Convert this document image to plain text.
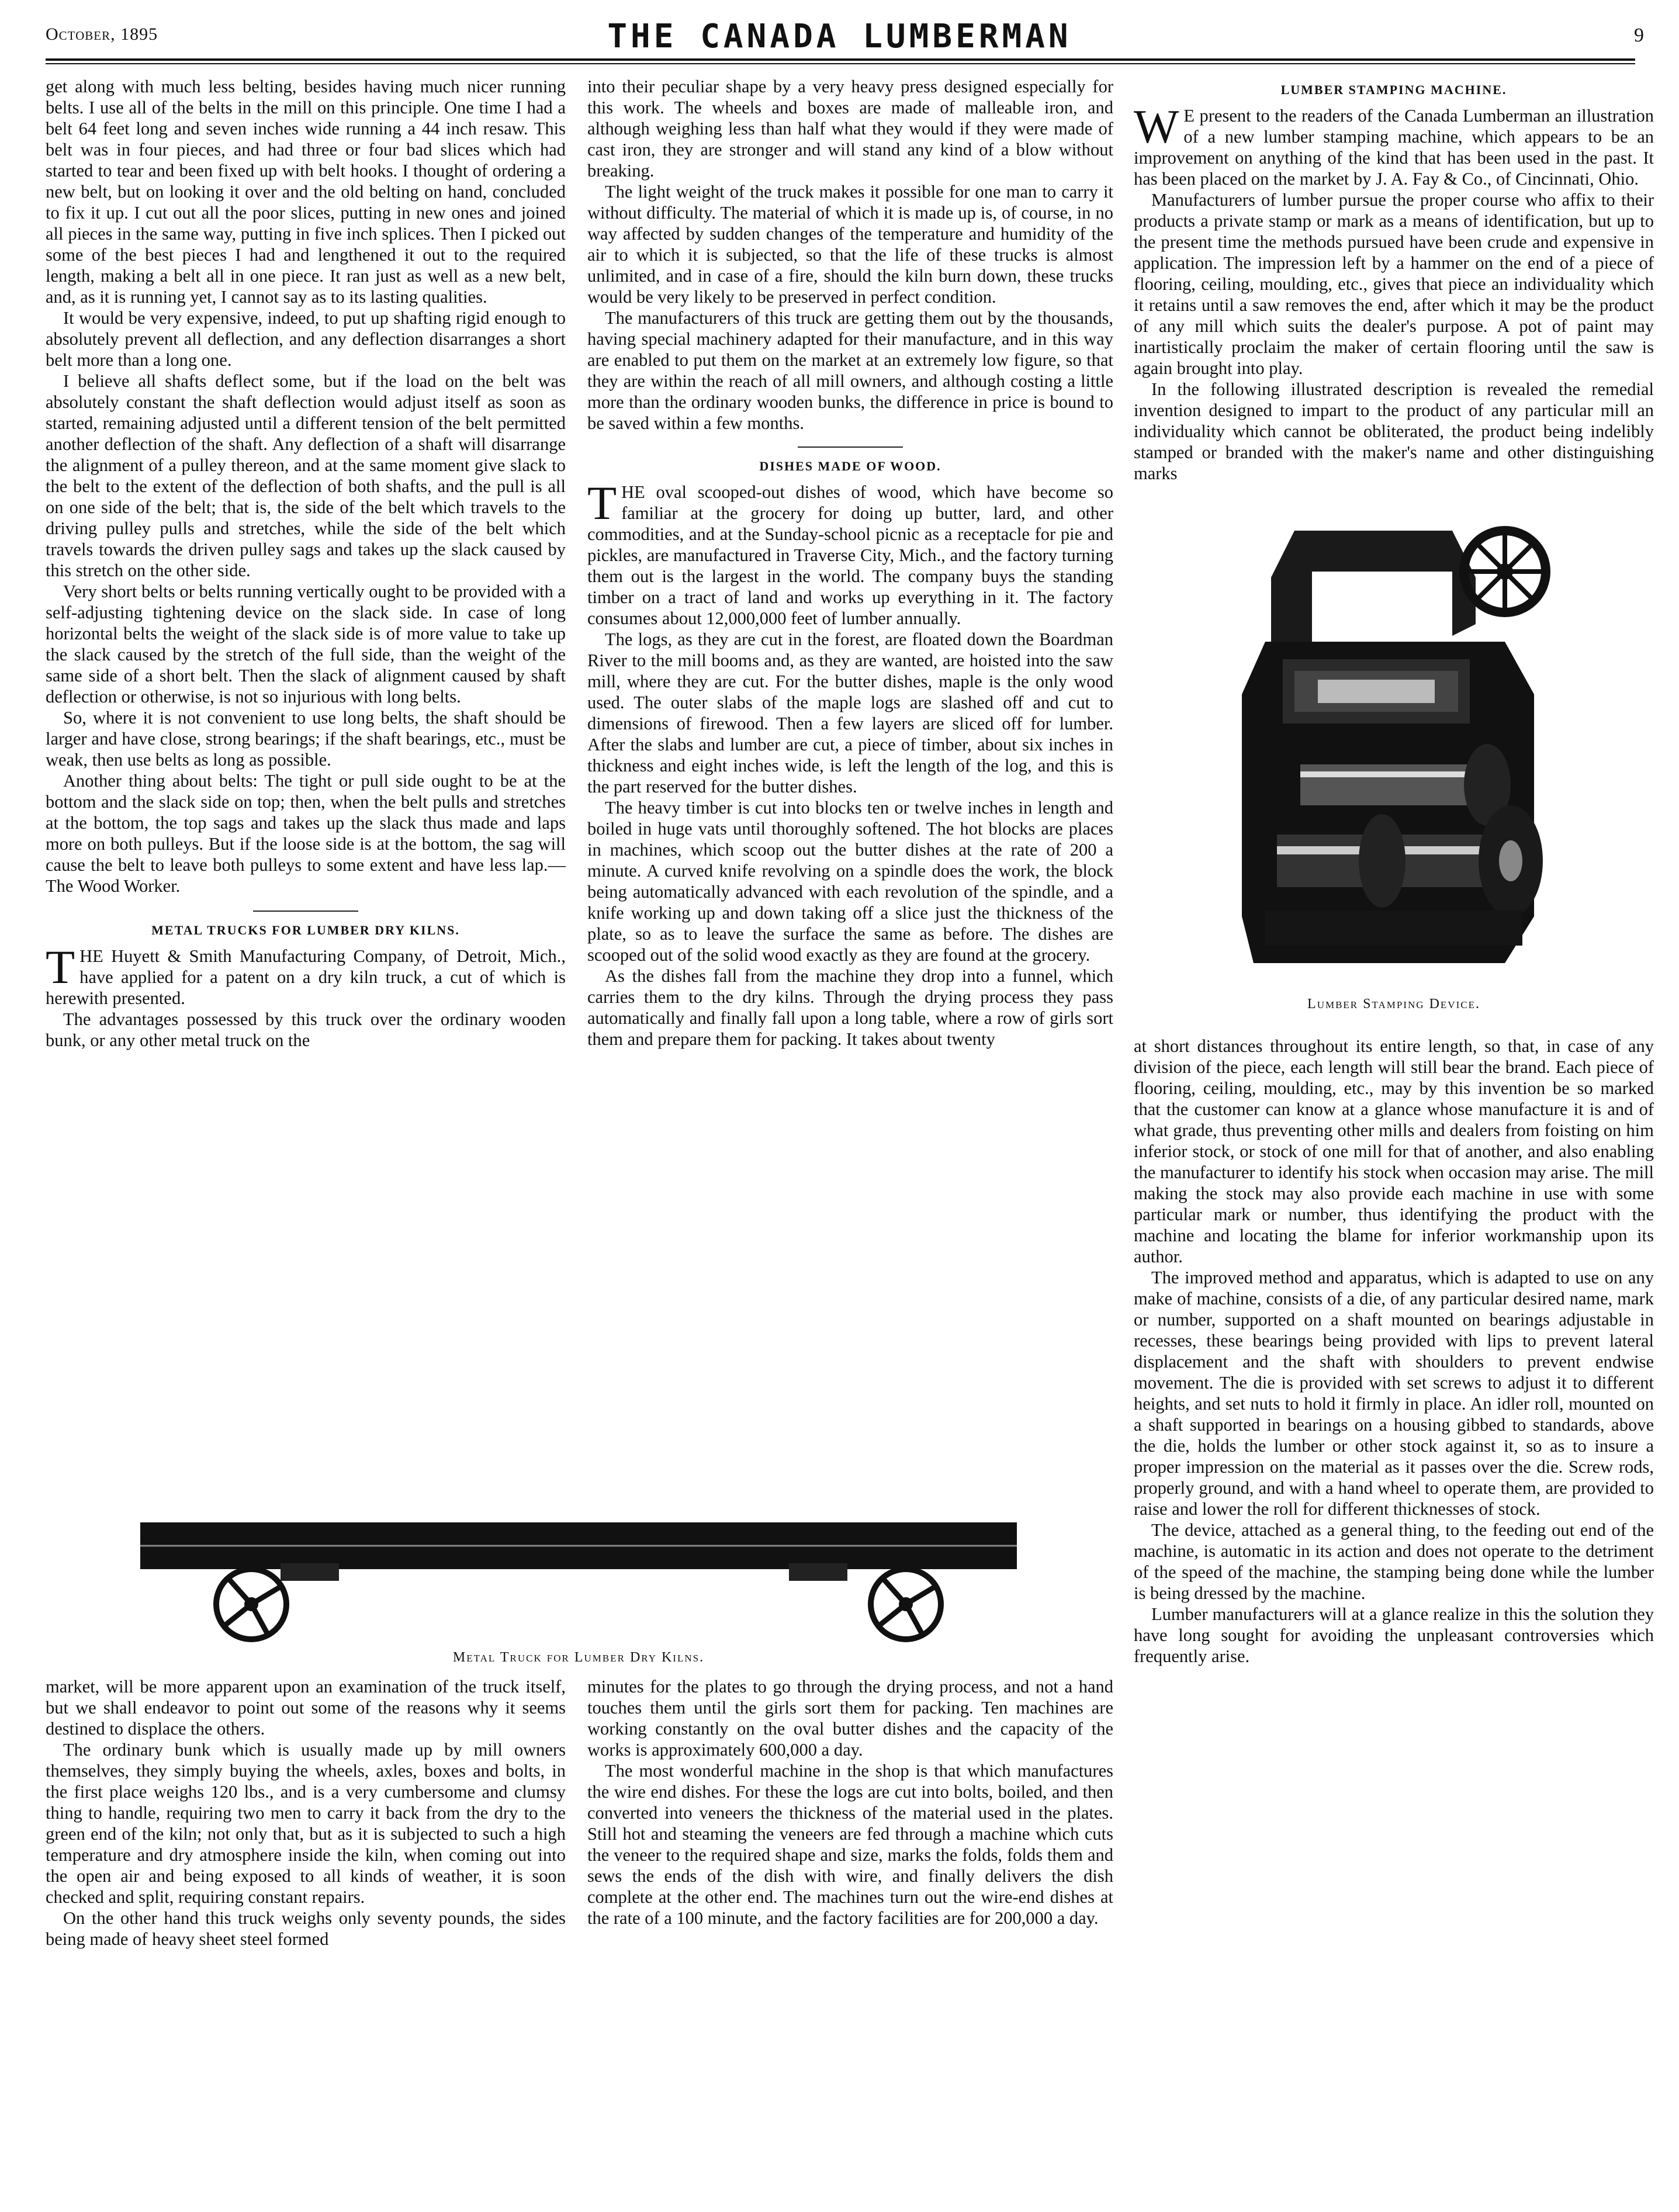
October, 1895	THE CANADA LUMBERMAN	9

get along with much less belting, besides having much nicer running belts. I use all of the belts in the mill on this principle. One time I had a belt 64 feet long and seven inches wide running a 44 inch resaw. This belt was in four pieces, and had three or four bad slices which had started to tear and been fixed up with belt hooks. I thought of ordering a new belt, but on looking it over and the old belting on hand, concluded to fix it up. I cut out all the poor slices, putting in new ones and joined all pieces in the same way, putting in five inch splices. Then I picked out some of the best pieces I had and lengthened it out to the required length, making a belt all in one piece. It ran just as well as a new belt, and, as it is running yet, I cannot say as to its lasting qualities.

It would be very expensive, indeed, to put up shafting rigid enough to absolutely prevent all deflection, and any deflection disarranges a short belt more than a long one.

I believe all shafts deflect some, but if the load on the belt was absolutely constant the shaft deflection would adjust itself as soon as started, remaining adjusted until a different tension of the belt permitted another deflection of the shaft. Any deflection of a shaft will disarrange the alignment of a pulley thereon, and at the same moment give slack to the belt to the extent of the deflection of both shafts, and the pull is all on one side of the belt; that is, the side of the belt which travels to the driving pulley pulls and stretches, while the side of the belt which travels towards the driven pulley sags and takes up the slack caused by this stretch on the other side.

Very short belts or belts running vertically ought to be provided with a self-adjusting tightening device on the slack side. In case of long horizontal belts the weight of the slack side is of more value to take up the slack caused by the stretch of the full side, than the weight of the same side of a short belt. Then the slack of alignment caused by shaft deflection or otherwise, is not so injurious with long belts.

So, where it is not convenient to use long belts, the shaft should be larger and have close, strong bearings; if the shaft bearings, etc., must be weak, then use belts as long as possible.

Another thing about belts: The tight or pull side ought to be at the bottom and the slack side on top; then, when the belt pulls and stretches at the bottom, the top sags and takes up the slack thus made and laps more on both pulleys. But if the loose side is at the bottom, the sag will cause the belt to leave both pulleys to some extent and have less lap.—The Wood Worker.

METAL TRUCKS FOR LUMBER DRY KILNS.

THE Huyett & Smith Manufacturing Company, of Detroit, Mich., have applied for a patent on a dry kiln truck, a cut of which is herewith presented.

The advantages possessed by this truck over the ordinary wooden bunk, or any other metal truck on the

into their peculiar shape by a very heavy press designed especially for this work. The wheels and boxes are made of malleable iron, and although weighing less than half what they would if they were made of cast iron, they are stronger and will stand any kind of a blow without breaking.

The light weight of the truck makes it possible for one man to carry it without difficulty. The material of which it is made up is, of course, in no way affected by sudden changes of the temperature and humidity of the air to which it is subjected, so that the life of these trucks is almost unlimited, and in case of a fire, should the kiln burn down, these trucks would be very likely to be preserved in perfect condition.

The manufacturers of this truck are getting them out by the thousands, having special machinery adapted for their manufacture, and in this way are enabled to put them on the market at an extremely low figure, so that they are within the reach of all mill owners, and although costing a little more than the ordinary wooden bunks, the difference in price is bound to be saved within a few months.

DISHES MADE OF WOOD.

THE oval scooped-out dishes of wood, which have become so familiar at the grocery for doing up butter, lard, and other commodities, and at the Sunday-school picnic as a receptacle for pie and pickles, are manufactured in Traverse City, Mich., and the factory turning them out is the largest in the world. The company buys the standing timber on a tract of land and works up everything in it. The factory consumes about 12,000,000 feet of lumber annually.

The logs, as they are cut in the forest, are floated down the Boardman River to the mill booms and, as they are wanted, are hoisted into the saw mill, where they are cut. For the butter dishes, maple is the only wood used. The outer slabs of the maple logs are slashed off and cut to dimensions of firewood. Then a few layers are sliced off for lumber. After the slabs and lumber are cut, a piece of timber, about six inches in thickness and eight inches wide, is left the length of the log, and this is the part reserved for the butter dishes.

The heavy timber is cut into blocks ten or twelve inches in length and boiled in huge vats until thoroughly softened. The hot blocks are places in machines, which scoop out the butter dishes at the rate of 200 a minute. A curved knife revolving on a spindle does the work, the block being automatically advanced with each revolution of the spindle, and a knife working up and down taking off a slice just the thickness of the plate, so as to leave the surface the same as before. The dishes are scooped out of the solid wood exactly as they are found at the grocery.

As the dishes fall from the machine they drop into a funnel, which carries them to the dry kilns. Through the drying process they pass automatically and finally fall upon a long table, where a row of girls sort them and prepare them for packing. It takes about twenty

LUMBER STAMPING MACHINE.

W E present to the readers of the Canada Lumberman an illustration of a new lumber stamping machine, which appears to be an improvement on anything of the kind that has been used in the past. It has been placed on the market by J. A. Fay & Co., of Cincinnati, Ohio.

Manufacturers of lumber pursue the proper course who affix to their products a private stamp or mark as a means of identification, but up to the present time the methods pursued have been crude and expensive in application. The impression left by a hammer on the end of a piece of flooring, ceiling, moulding, etc., gives that piece an individuality which it retains until a saw removes the end, after which it may be the product of any mill which suits the dealer's purpose. A pot of paint may inartistically proclaim the maker of certain flooring until the saw is again brought into play.

In the following illustrated description is revealed the remedial invention designed to impart to the product of any particular mill an individuality which cannot be obliterated, the product being indelibly stamped or branded with the maker's name and other distinguishing marks

Lumber Stamping Device.

at short distances throughout its entire length, so that, in case of any division of the piece, each length will still bear the brand. Each piece of flooring, ceiling, moulding, etc., may by this invention be so marked that the customer can know at a glance whose manufacture it is and of what grade, thus preventing other mills and dealers from foisting on him inferior stock, or stock of one mill for that of another, and also enabling the manufacturer to identify his stock when occasion may arise. The mill making the stock may also provide each machine in use with some particular mark or number, thus identifying the product with the machine and locating the blame for inferior workmanship upon its author.

The improved method and apparatus, which is adapted to use on any make of machine, consists of a die, of any particular desired name, mark or number, supported on a shaft mounted on bearings adjustable in recesses, these bearings being provided with lips to prevent lateral displacement and the shaft with shoulders to prevent endwise movement. The die is provided with set screws to adjust it to different heights, and set nuts to hold it firmly in place. An idler roll, mounted on a shaft supported in bearings on a housing gibbed to standards, above the die, holds the lumber or other stock against it, so as to insure a proper impression on the material as it passes over the die. Screw rods, properly ground, and with a hand wheel to operate them, are provided to raise and lower the roll for different thicknesses of stock.

The device, attached as a general thing, to the feeding out end of the machine, is automatic in its action and does not operate to the detriment of the speed of the machine, the stamping being done while the lumber is being dressed by the machine.

Lumber manufacturers will at a glance realize in this the solution they have long sought for avoiding the unpleasant controversies which frequently arise.

Metal Truck for Lumber Dry Kilns.

market, will be more apparent upon an examination of the truck itself, but we shall endeavor to point out some of the reasons why it seems destined to displace the others.

The ordinary bunk which is usually made up by mill owners themselves, they simply buying the wheels, axles, boxes and bolts, in the first place weighs 120 lbs., and is a very cumbersome and clumsy thing to handle, requiring two men to carry it back from the dry to the green end of the kiln; not only that, but as it is subjected to such a high temperature and dry atmosphere inside the kiln, when coming out into the open air and being exposed to all kinds of weather, it is soon checked and split, requiring constant repairs.

On the other hand this truck weighs only seventy pounds, the sides being made of heavy sheet steel formed

minutes for the plates to go through the drying process, and not a hand touches them until the girls sort them for packing. Ten machines are working constantly on the oval butter dishes and the capacity of the works is approximately 600,000 a day.

The most wonderful machine in the shop is that which manufactures the wire end dishes. For these the logs are cut into bolts, boiled, and then converted into veneers the thickness of the material used in the plates. Still hot and steaming the veneers are fed through a machine which cuts the veneer to the required shape and size, marks the folds, folds them and sews the ends of the dish with wire, and finally delivers the dish complete at the other end. The machines turn out the wire-end dishes at the rate of a 100 minute, and the factory facilities are for 200,000 a day.
